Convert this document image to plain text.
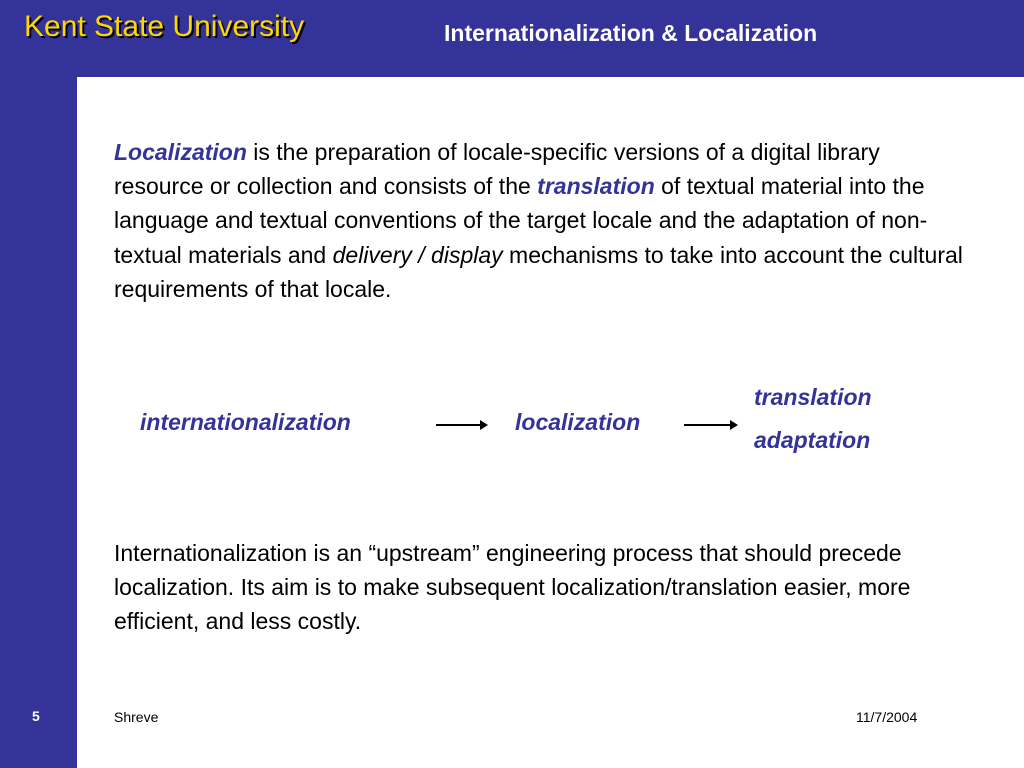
Kent State University	Internationalization & Localization
Localization is the preparation of locale-specific versions of a digital library resource or collection and consists of the translation of textual material into the language and textual conventions of the target locale and the adaptation of non-textual materials and delivery / display mechanisms to take into account the cultural requirements of that locale.
internationalization	localization
translation
adaptation
Internationalization is an “upstream” engineering process that should precede localization. Its aim is to make subsequent localization/translation easier, more efficient, and less costly.
5	Shreve	11/7/2004
